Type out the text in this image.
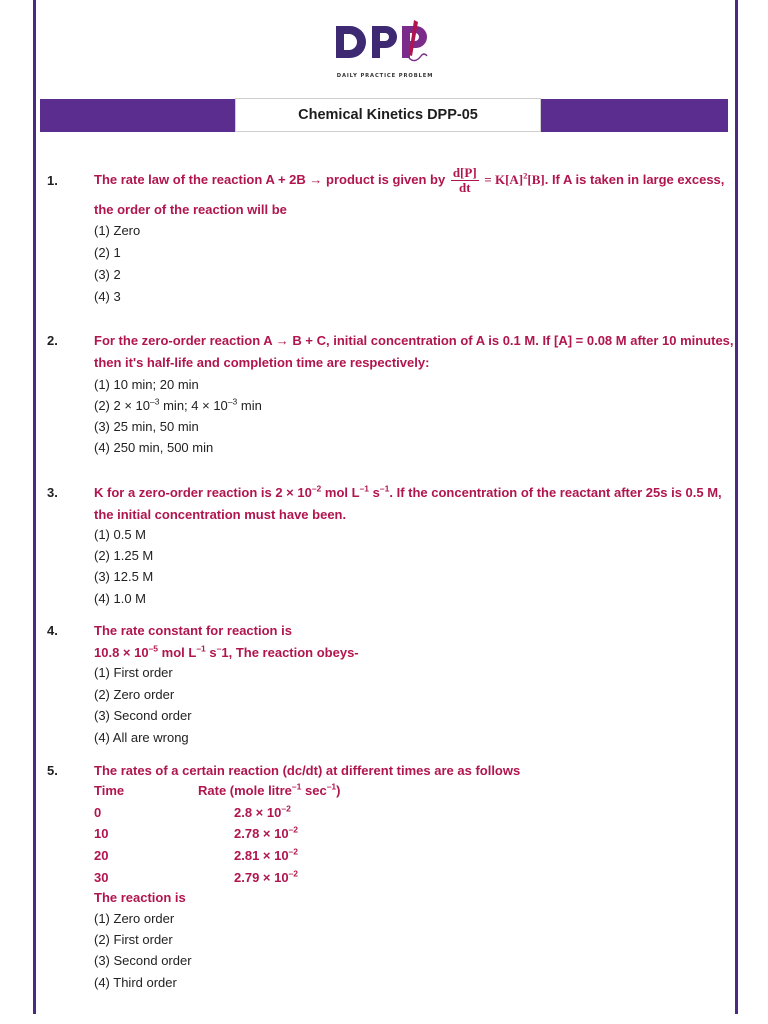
DAILY PRACTICE PROBLEM
Chemical Kinetics DPP-05
1.	The rate law of the reaction A + 2B → product is given by $\frac{d[P]}{dt} = K[A]^2[B]$. If A is taken in large excess,
the order of the reaction will be
(1) Zero
(2) 1
(3) 2
(4) 3
2.	For the zero-order reaction A → B + C, initial concentration of A is 0.1 M. If [A] = 0.08 M after 10 minutes,
then it's half-life and completion time are respectively:
(1) 10 min; 20 min
(2) $2 \times 10^{-3}$ min; $4 \times 10^{-3}$ min
(3) 25 min, 50 min
(4) 250 min, 500 min
3.	K for a zero-order reaction is $2 \times 10^{-2}$ mol $L^{-1}$ $s^{-1}$. If the concentration of the reactant after 25s is 0.5 M,
the initial concentration must have been.
(1) 0.5 M
(2) 1.25 M
(3) 12.5 M
(4) 1.0 M
4.	The rate constant for reaction is
$10.8 \times 10^{-5}$ mol $L^{-1}$ s–1, The reaction obeys-
(1) First order
(2) Zero order
(3) Second order
(4) All are wrong
5.	The rates of a certain reaction (dc/dt) at different times are as follows
Time	Rate (mole litre$^{-1}$ $\sec^{-1}$)
0	$2.8 \times 10^{-2}$
10	$2.78 \times 10^{-2}$
20	$2.81 \times 10^{-2}$
30	$2.79 \times 10^{-2}$
The reaction is
(1) Zero order
(2) First order
(3) Second order
(4) Third order
